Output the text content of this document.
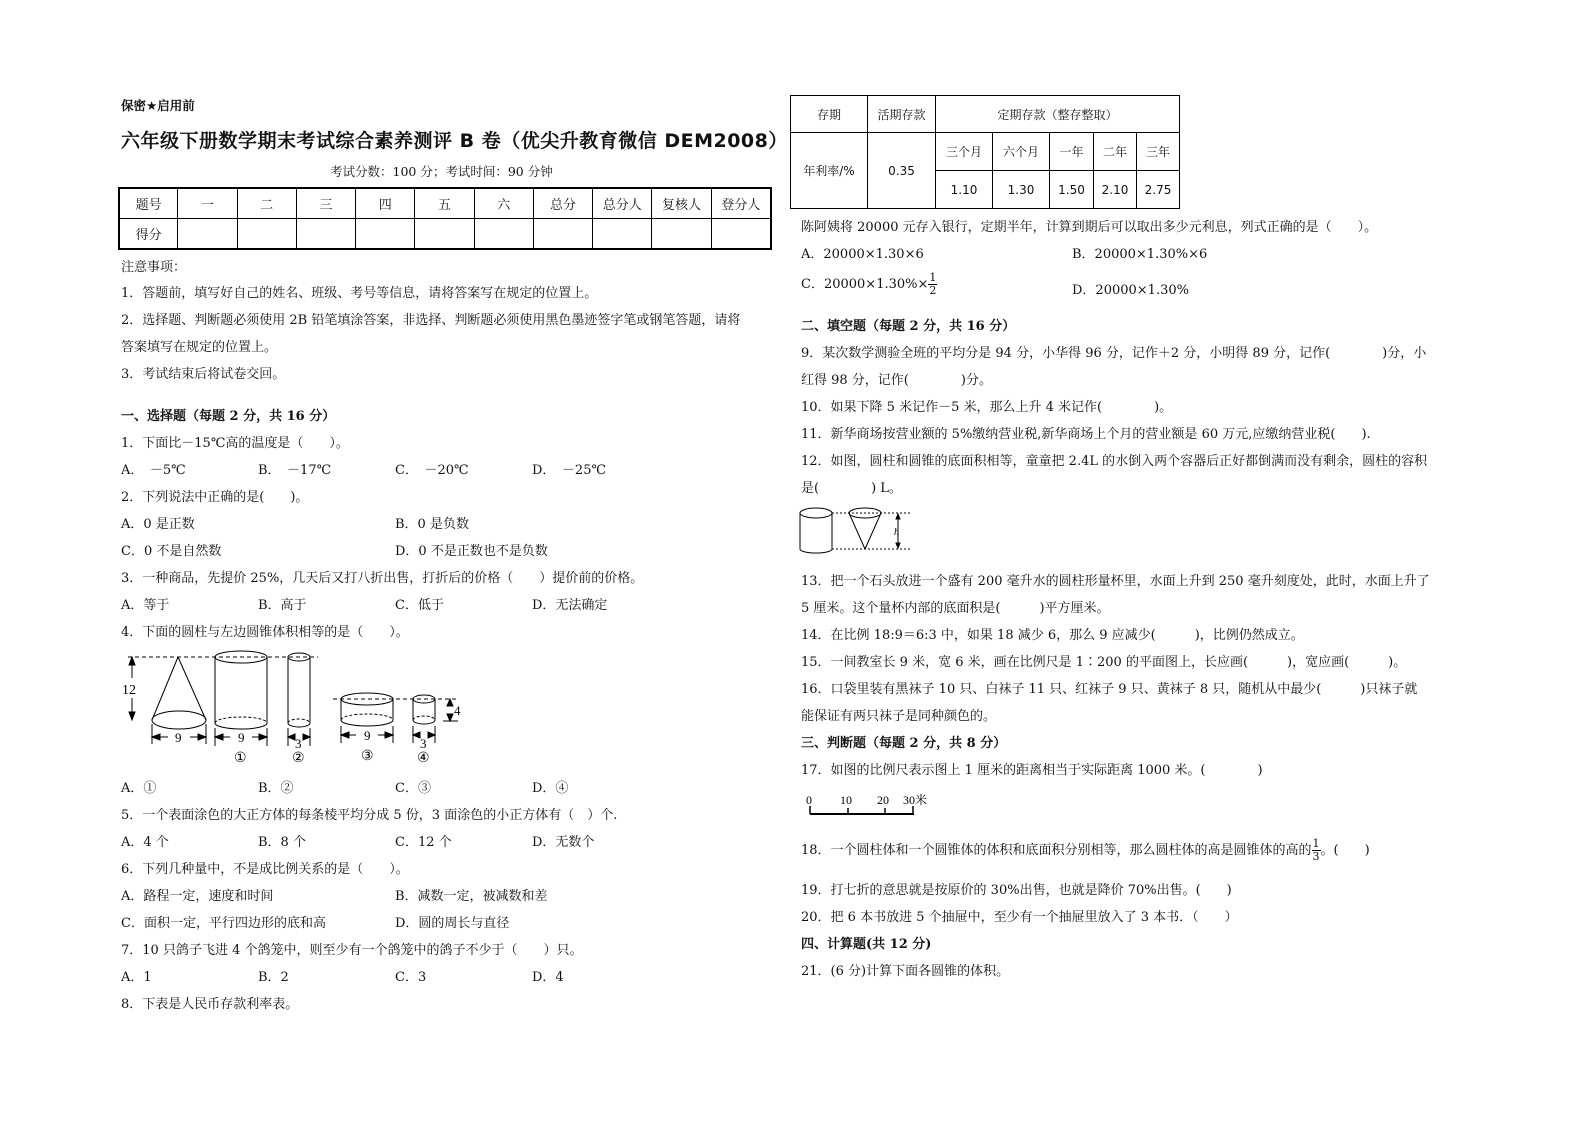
保密★启用前
六年级下册数学期末考试综合素养测评 B 卷（优尖升教育微信 DEM2008）
考试分数：100 分；考试时间：90 分钟
题号	一	二	三	四	五	六	总分	总分人	复核人	登分人
得分										
注意事项：
1．答题前，填写好自己的姓名、班级、考号等信息，请将答案写在规定的位置上。
2．选择题、判断题必须使用 2B 铅笔填涂答案，非选择、判断题必须使用黑色墨迹签字笔或钢笔答题，请将
答案填写在规定的位置上。
3．考试结束后将试卷交回。
一、选择题（每题 2 分，共 16 分）
1．下面比－15℃高的温度是（　　）。
A．　－5℃	B．　－17℃	C．　－20℃	D．　－25℃
2．下列说法中正确的是(　　)。
A．0 是正数	B．0 是负数
C．0 不是自然数	D．0 不是正数也不是负数
3．一种商品，先提价 25%，几天后又打八折出售，打折后的价格（　　）提价前的价格。
A．等于	B．高于	C．低于	D．无法确定
4．下面的圆柱与左边圆锥体积相等的是（　　）。
12
9	9	3
9
3
4
①	②	③	④
A．①	B．②	C．③	D．④
5．一个表面涂色的大正方体的每条棱平均分成 5 份，3 面涂色的小正方体有（　）个.
A．4 个	B．8 个	C．12 个	D．无数个
6．下列几种量中，不是成比例关系的是（　　）。
A．路程一定，速度和时间	B．减数一定，被减数和差
C．面积一定，平行四边形的底和高	D．圆的周长与直径
7．10 只鸽子飞进 4 个鸽笼中，则至少有一个鸽笼中的鸽子不少于（　　）只。
A．1	B．2	C．3	D．4
8．下表是人民币存款利率表。
存期	活期存款	定期存款（整存整取）				
年利率/%	0.35	三个月	六个月	一年	二年	三年
		1.10	1.30	1.50	2.10	2.75
陈阿姨将 20000 元存入银行，定期半年，计算到期后可以取出多少元利息，列式正确的是（　　）。
A．20000×1.30×6	B．20000×1.30%×6
C．$20000\times 1.30\%\times \frac{1}{2}$	D．20000×1.30%
二、填空题（每题 2 分，共 16 分）
9．某次数学测验全班的平均分是 94 分，小华得 96 分，记作＋2 分，小明得 89 分，记作(　　　　)分，小
红得 98 分，记作(　　　　)分。
10．如果下降 5 米记作－5 米，那么上升 4 米记作(　　　　)。
11．新华商场按营业额的 5%缴纳营业税,新华商场上个月的营业额是 60 万元,应缴纳营业税(　　).
12．如图，圆柱和圆锥的底面积相等，童童把 2.4L 的水倒入两个容器后正好都倒满而没有剩余，圆柱的容积
是(　　　　) L。
. h
13．把一个石头放进一个盛有 200 毫升水的圆柱形量杯里，水面上升到 250 毫升刻度处，此时，水面上升了
5 厘米。这个量杯内部的底面积是(　　　)平方厘米。
14．在比例 18:9＝6:3 中，如果 18 减少 6，那么 9 应减少(　　　)，比例仍然成立。
15．一间教室长 9 米，宽 6 米，画在比例尺是 1∶200 的平面图上，长应画(　　　)，宽应画(　　　)。
16．口袋里装有黑袜子 10 只、白袜子 11 只、红袜子 9 只、黄袜子 8 只，随机从中最少(　　　)只袜子就
能保证有两只袜子是同种颜色的。
三、判断题（每题 2 分，共 8 分）
17．如图的比例尺表示图上 1 厘米的距离相当于实际距离 1000 米。(　　　　)
0 10 20 30米
18．一个圆柱体和一个圆锥体的体积和底面积分别相等，那么圆柱体的高是圆锥体的高的 $\frac{1}{3}$ 。(　　)
19．打七折的意思就是按原价的 30%出售，也就是降价 70%出售。(　　)
20．把 6 本书放进 5 个抽屉中，至少有一个抽屉里放入了 3 本书．（　　）
四、计算题(共 12 分)
21．(6 分)计算下面各圆锥的体积。
